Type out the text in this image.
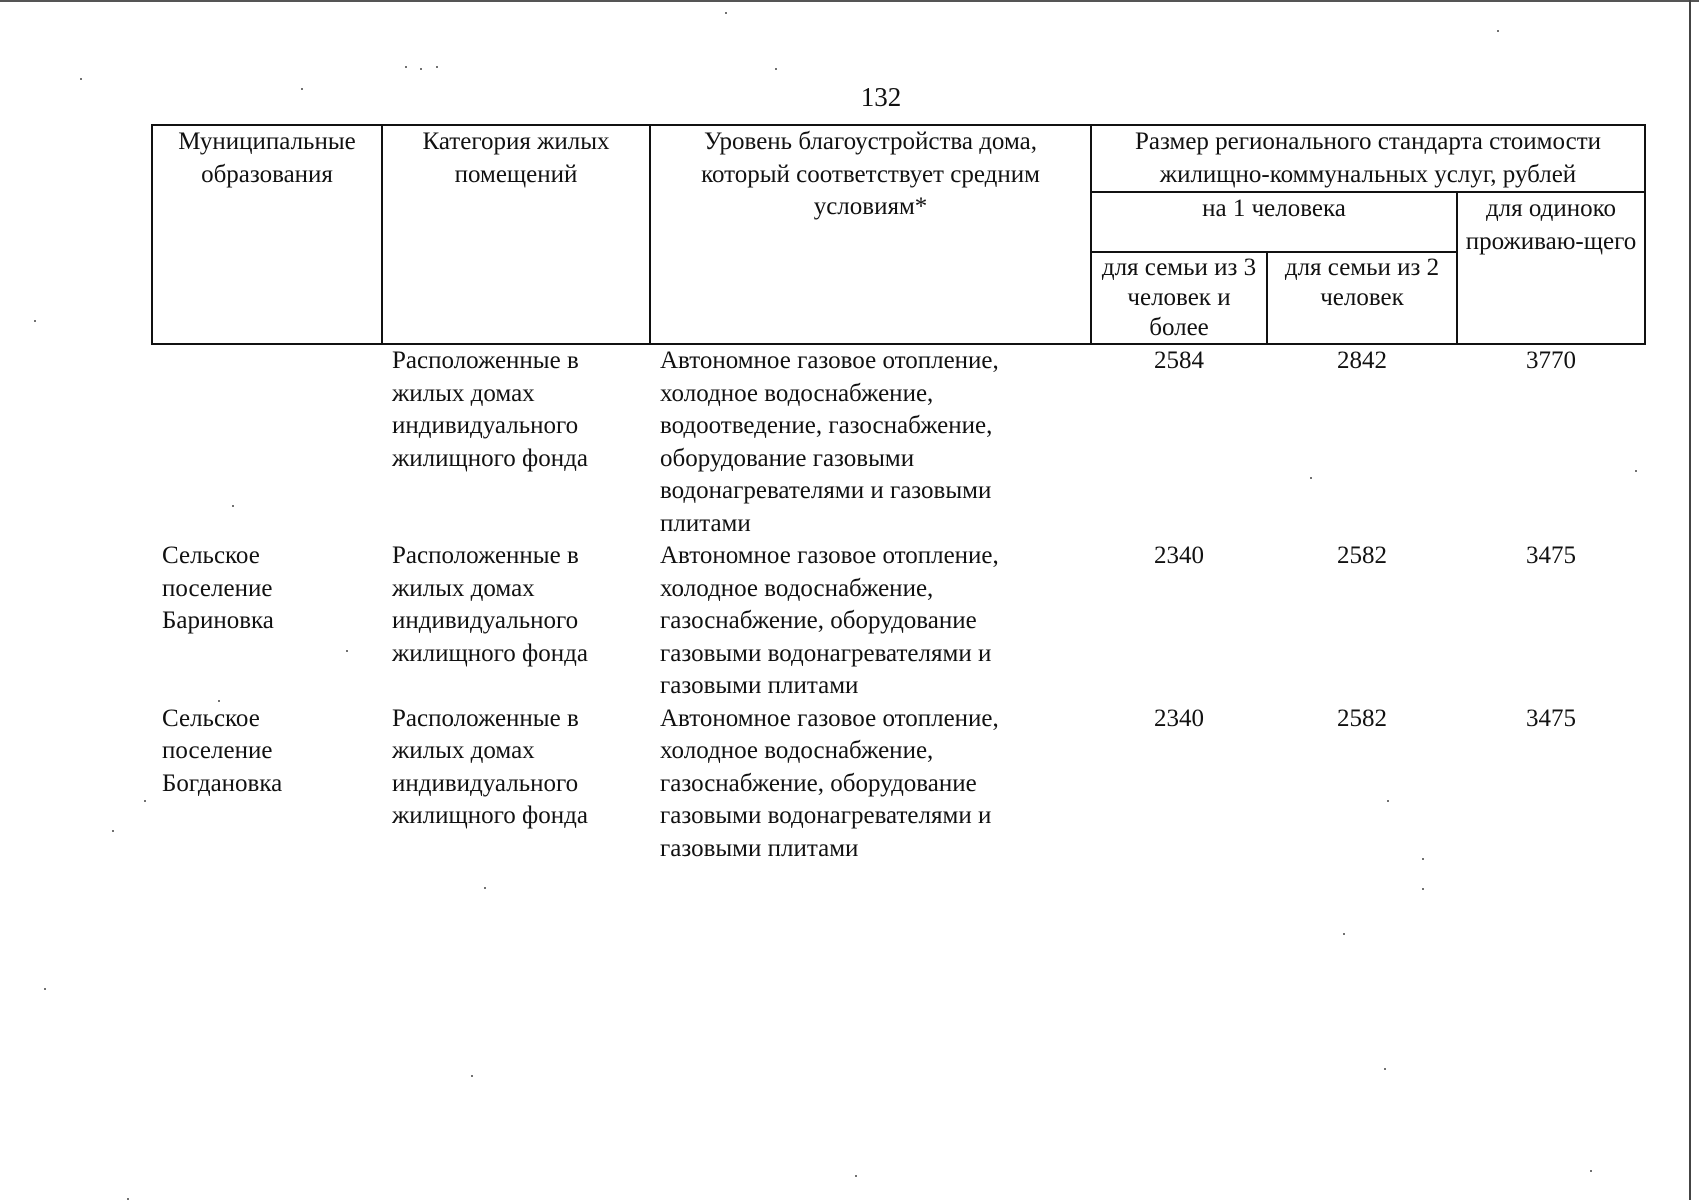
132
Муниципальные образования	Категория жилых помещений	Уровень благоустройства дома, который соответствует средним условиям*	Размер регионального стандарта стоимости жилищно-коммунальных услуг, рублей		
			на 1 человека		для одиноко проживаю-щего
			для семьи из 3 человек и более	для семьи из 2 человек	
	Расположенные в жилых домах индивидуального жилищного фонда	Автономное газовое отопление, холодное водоснабжение, водоотведение, газоснабжение, оборудование газовыми водонагревателями и газовыми плитами	2584	2842	3770
Сельское поселение Бариновка	Расположенные в жилых домах индивидуального жилищного фонда	Автономное газовое отопление, холодное водоснабжение, газоснабжение, оборудование газовыми водонагревателями и газовыми плитами	2340	2582	3475
Сельское поселение Богдановка	Расположенные в жилых домах индивидуального жилищного фонда	Автономное газовое отопление, холодное водоснабжение, газоснабжение, оборудование газовыми водонагревателями и газовыми плитами	2340	2582	3475
